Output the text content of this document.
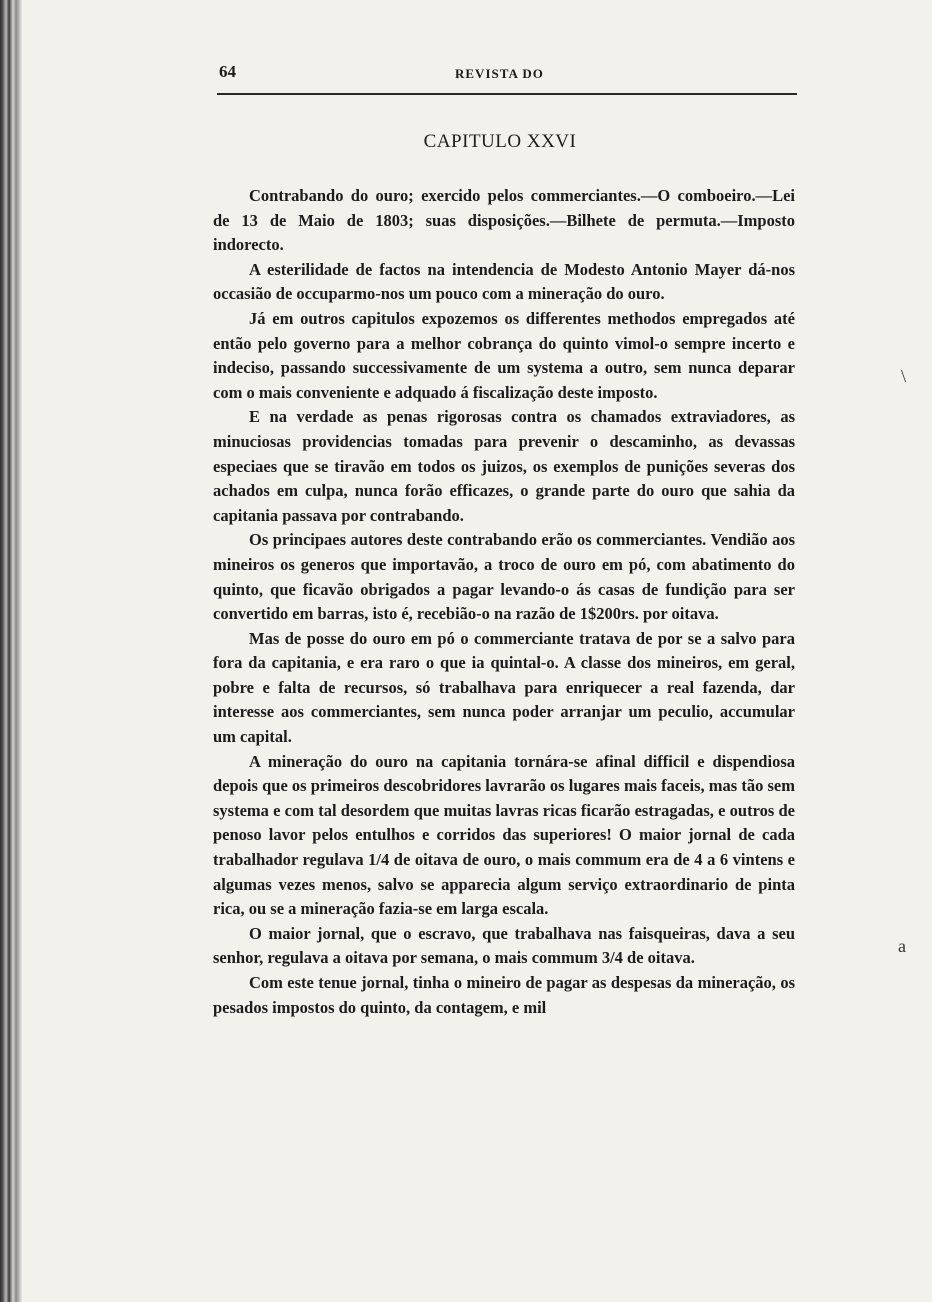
64	REVISTA DO
CAPITULO XXVI

Contrabando do ouro; exercido pelos commerciantes.—O comboeiro.—Lei de 13 de Maio de 1803; suas disposições.—Bilhete de permuta.—Imposto indorecto.

A esterilidade de factos na intendencia de Modesto Antonio Mayer dá-nos occasião de occuparmo-nos um pouco com a mineração do ouro.

Já em outros capitulos expozemos os differentes methodos empregados até então pelo governo para a melhor cobrança do quinto vimol-o sempre incerto e indeciso, passando successivamente de um systema a outro, sem nunca deparar com o mais conveniente e adquado á fiscalização deste imposto.

E na verdade as penas rigorosas contra os chamados extraviadores, as minuciosas providencias tomadas para prevenir o descaminho, as devassas especiaes que se tiravão em todos os juizos, os exemplos de punições severas dos achados em culpa, nunca forão efficazes, o grande parte do ouro que sahia da capitania passava por contrabando.

Os principaes autores deste contrabando erão os commerciantes. Vendião aos mineiros os generos que importavão, a troco de ouro em pó, com abatimento do quinto, que ficavão obrigados a pagar levando-o ás casas de fundição para ser convertido em barras, isto é, recebião-o na razão de 1$200rs. por oitava.

Mas de posse do ouro em pó o commerciante tratava de por se a salvo para fora da capitania, e era raro o que ia quintal-o. A classe dos mineiros, em geral, pobre e falta de recursos, só trabalhava para enriquecer a real fazenda, dar interesse aos commerciantes, sem nunca poder arranjar um peculio, accumular um capital.

A mineração do ouro na capitania tornára-se afinal difficil e dispendiosa depois que os primeiros descobridores lavrarão os lugares mais faceis, mas tão sem systema e com tal desordem que muitas lavras ricas ficarão estragadas, e outros de penoso lavor pelos entulhos e corridos das superiores! O maior jornal de cada trabalhador regulava 1/4 de oitava de ouro, o mais commum era de 4 a 6 vintens e algumas vezes menos, salvo se apparecia algum serviço extraordinario de pinta rica, ou se a mineração fazia-se em larga escala.

O maior jornal, que o escravo, que trabalhava nas faisqueiras, dava a seu senhor, regulava a oitava por semana, o mais commum 3/4 de oitava.

Com este tenue jornal, tinha o mineiro de pagar as despesas da mineração, os pesados impostos do quinto, da contagem, e mil

\
a
